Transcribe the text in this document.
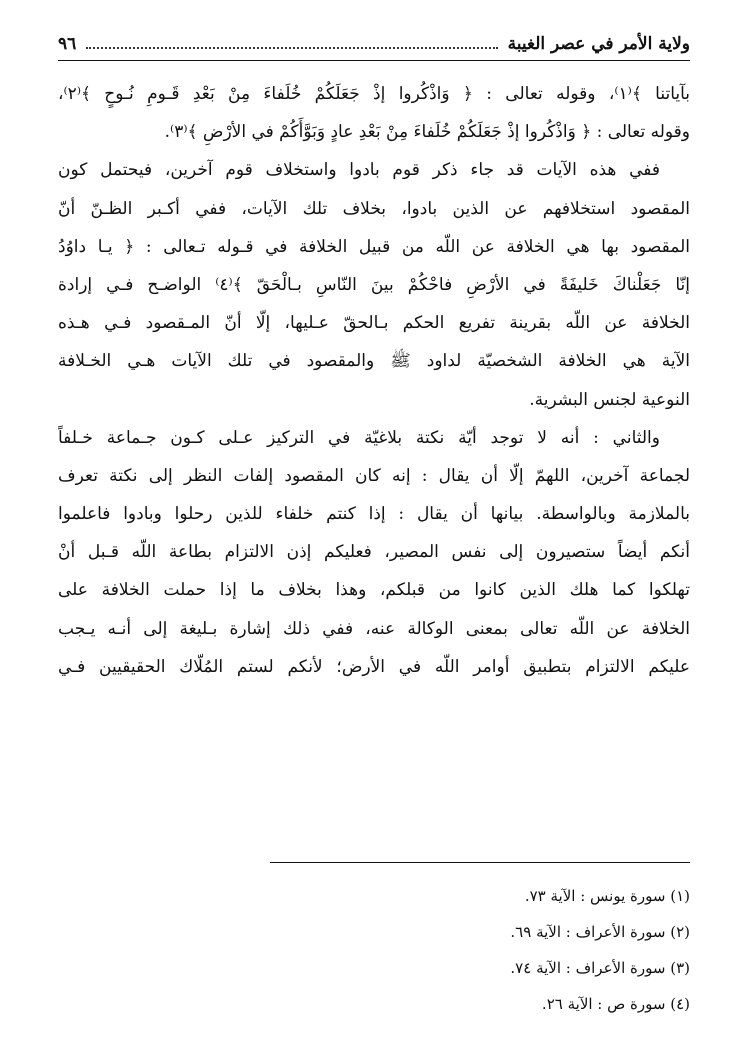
ولاية الأمر في عصر الغيبة
٩٦
بآياتنا ﴾⁽١⁾، وقوله تعالى : ﴿ وَاذْكُروا إذْ جَعَلَكُمْ خُلَفاءَ مِنْ بَعْدِ قَـومِ نُـوحٍ ﴾⁽٢⁾،
وقوله تعالى : ﴿ وَاذْكُروا إذْ جَعَلَكُمْ خُلَفاءَ مِنْ بَعْدِ عادٍ وَبَوَّأَكُمْ في الأرْضِ ﴾⁽٣⁾.
ففي هذه الآيات قد جاء ذكر قوم بادوا واستخلاف قوم آخرين، فيحتمل كون
المقصود استخلافهم عن الذين بادوا، بخلاف تلك الآيات، ففي أكـبر الظـنّ أنّ
المقصود بها هي الخلافة عن اللّه من قبيل الخلافة في قـوله تـعالى : ﴿ يـا داوُدُ
إنّا جَعَلْناكَ خَليفَةً في الأرْضِ فاحْكُمْ بينَ النّاسِ بـالْحَقّ ﴾⁽٤⁾ الواضـح فـي إرادة
الخلافة عن اللّه بقرينة تفريع الحكم بـالحقّ عـليها، إلّا أنّ المـقصود فـي هـذه
الآية هي الخلافة الشخصيّة لداود ﷺ والمقصود في تلك الآيات هـي الخـلافة
النوعية لجنس البشرية.
والثاني : أنه لا توجد أيّة نكتة بلاغيّة في التركيز عـلى كـون جـماعة خـلفاً
لجماعة آخرين، اللهمّ إلّا أن يقال : إنه كان المقصود إلفات النظر إلى نكتة تعرف
بالملازمة وبالواسطة. بيانها أن يقال : إذا كنتم خلفاء للذين رحلوا وبادوا فاعلموا
أنكم أيضاً ستصيرون إلى نفس المصير، فعليكم إذن الالتزام بطاعة اللّه قـبل أنْ
تهلكوا كما هلك الذين كانوا من قبلكم، وهذا بخلاف ما إذا حملت الخلافة على
الخلافة عن اللّه تعالى بمعنى الوكالة عنه، ففي ذلك إشارة بـليغة إلى أنـه يـجب
عليكم الالتزام بتطبيق أوامر اللّه في الأرض؛ لأنكم لستم المُلّاك الحقيقيين فـي
(١) سورة يونس : الآية ٧٣.
(٢) سورة الأعراف : الآية ٦٩.
(٣) سورة الأعراف : الآية ٧٤.
(٤) سورة ص : الآية ٢٦.
